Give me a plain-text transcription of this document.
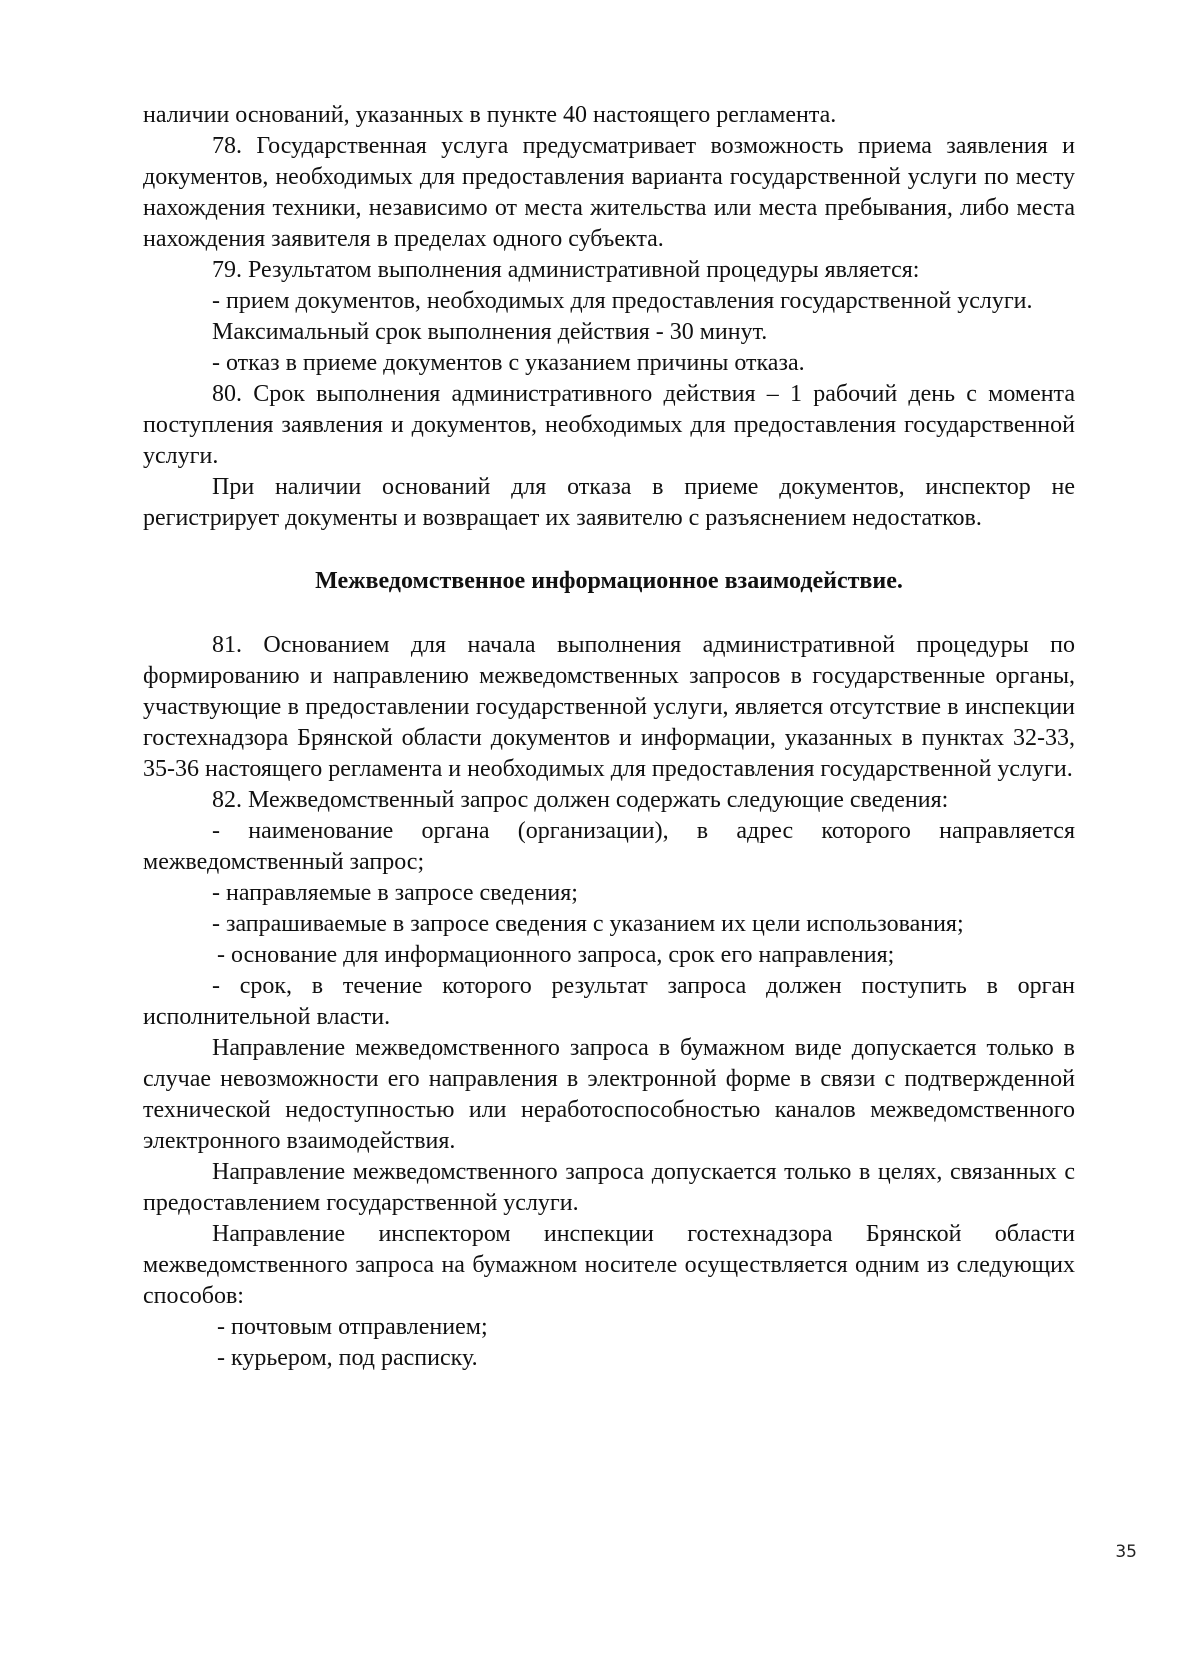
наличии оснований, указанных в пункте 40 настоящего регламента.

78. Государственная услуга предусматривает возможность приема заявления и документов, необходимых для предоставления варианта государственной услуги по месту нахождения техники, независимо от места жительства или места пребывания, либо места нахождения заявителя в пределах одного субъекта.

79. Результатом выполнения административной процедуры является:

- прием документов, необходимых для предоставления государственной услуги.

Максимальный срок выполнения действия - 30 минут.

- отказ в приеме документов с указанием причины отказа.

80. Срок выполнения административного действия – 1 рабочий день с момента поступления заявления и документов, необходимых для предоставления государственной услуги.

При наличии оснований для отказа в приеме документов, инспектор не регистрирует документы и возвращает их заявителю с разъяснением недостатков.

Межведомственное информационное взаимодействие.

81. Основанием для начала выполнения административной процедуры по формированию и направлению межведомственных запросов в государственные органы, участвующие в предоставлении государственной услуги, является отсутствие в инспекции гостехнадзора Брянской области документов и информации, указанных в пунктах 32-33, 35-36 настоящего регламента и необходимых для предоставления государственной услуги.

82. Межведомственный запрос должен содержать следующие сведения:

- наименование органа (организации), в адрес которого направляется межведомственный запрос;

- направляемые в запросе сведения;

- запрашиваемые в запросе сведения с указанием их цели использования;

- основание для информационного запроса, срок его направления;

- срок, в течение которого результат запроса должен поступить в орган исполнительной власти.

Направление межведомственного запроса в бумажном виде допускается только в случае невозможности его направления в электронной форме в связи с подтвержденной технической недоступностью или неработоспособностью каналов межведомственного электронного взаимодействия.

Направление межведомственного запроса допускается только в целях, связанных с предоставлением государственной услуги.

Направление инспектором инспекции гостехнадзора Брянской области межведомственного запроса на бумажном носителе осуществляется одним из следующих способов:

- почтовым отправлением;

- курьером, под расписку.

35
